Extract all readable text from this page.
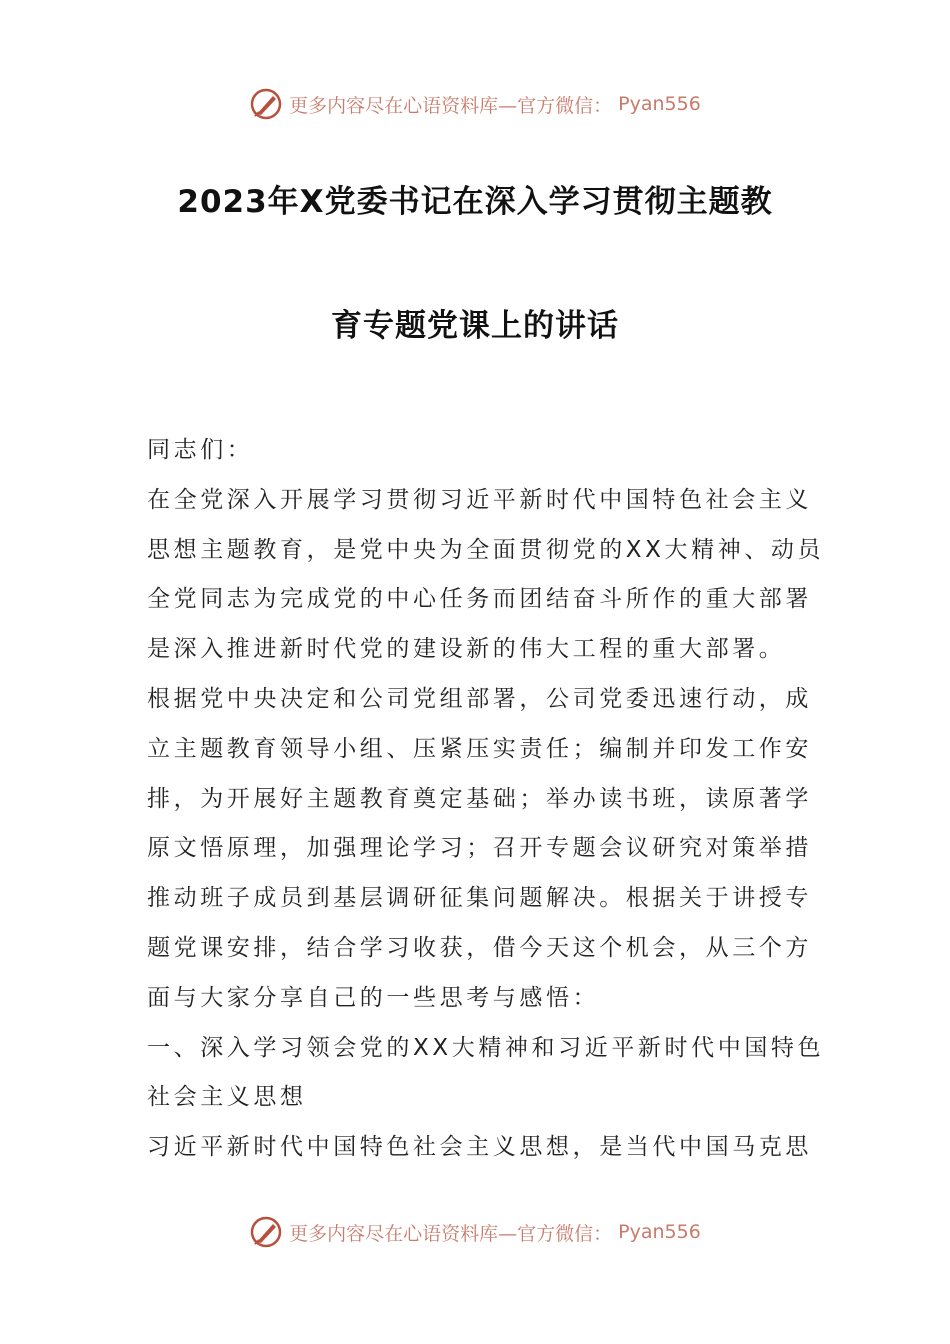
更多内容尽在心语资料库—官方微信： Pyan556
2023年X党委书记在深入学习贯彻主题教
育专题党课上的讲话
同志们：
在全党深入开展学习贯彻习近平新时代中国特色社会主义
思想主题教育，是党中央为全面贯彻党的XX大精神、动员
全党同志为完成党的中心任务而团结奋斗所作的重大部署
是深入推进新时代党的建设新的伟大工程的重大部署。
根据党中央决定和公司党组部署，公司党委迅速行动，成
立主题教育领导小组、压紧压实责任；编制并印发工作安
排，为开展好主题教育奠定基础；举办读书班，读原著学
原文悟原理，加强理论学习；召开专题会议研究对策举措
推动班子成员到基层调研征集问题解决。根据关于讲授专
题党课安排，结合学习收获，借今天这个机会，从三个方
面与大家分享自己的一些思考与感悟：
一、深入学习领会党的XX大精神和习近平新时代中国特色
社会主义思想
习近平新时代中国特色社会主义思想，是当代中国马克思
更多内容尽在心语资料库—官方微信： Pyan556
